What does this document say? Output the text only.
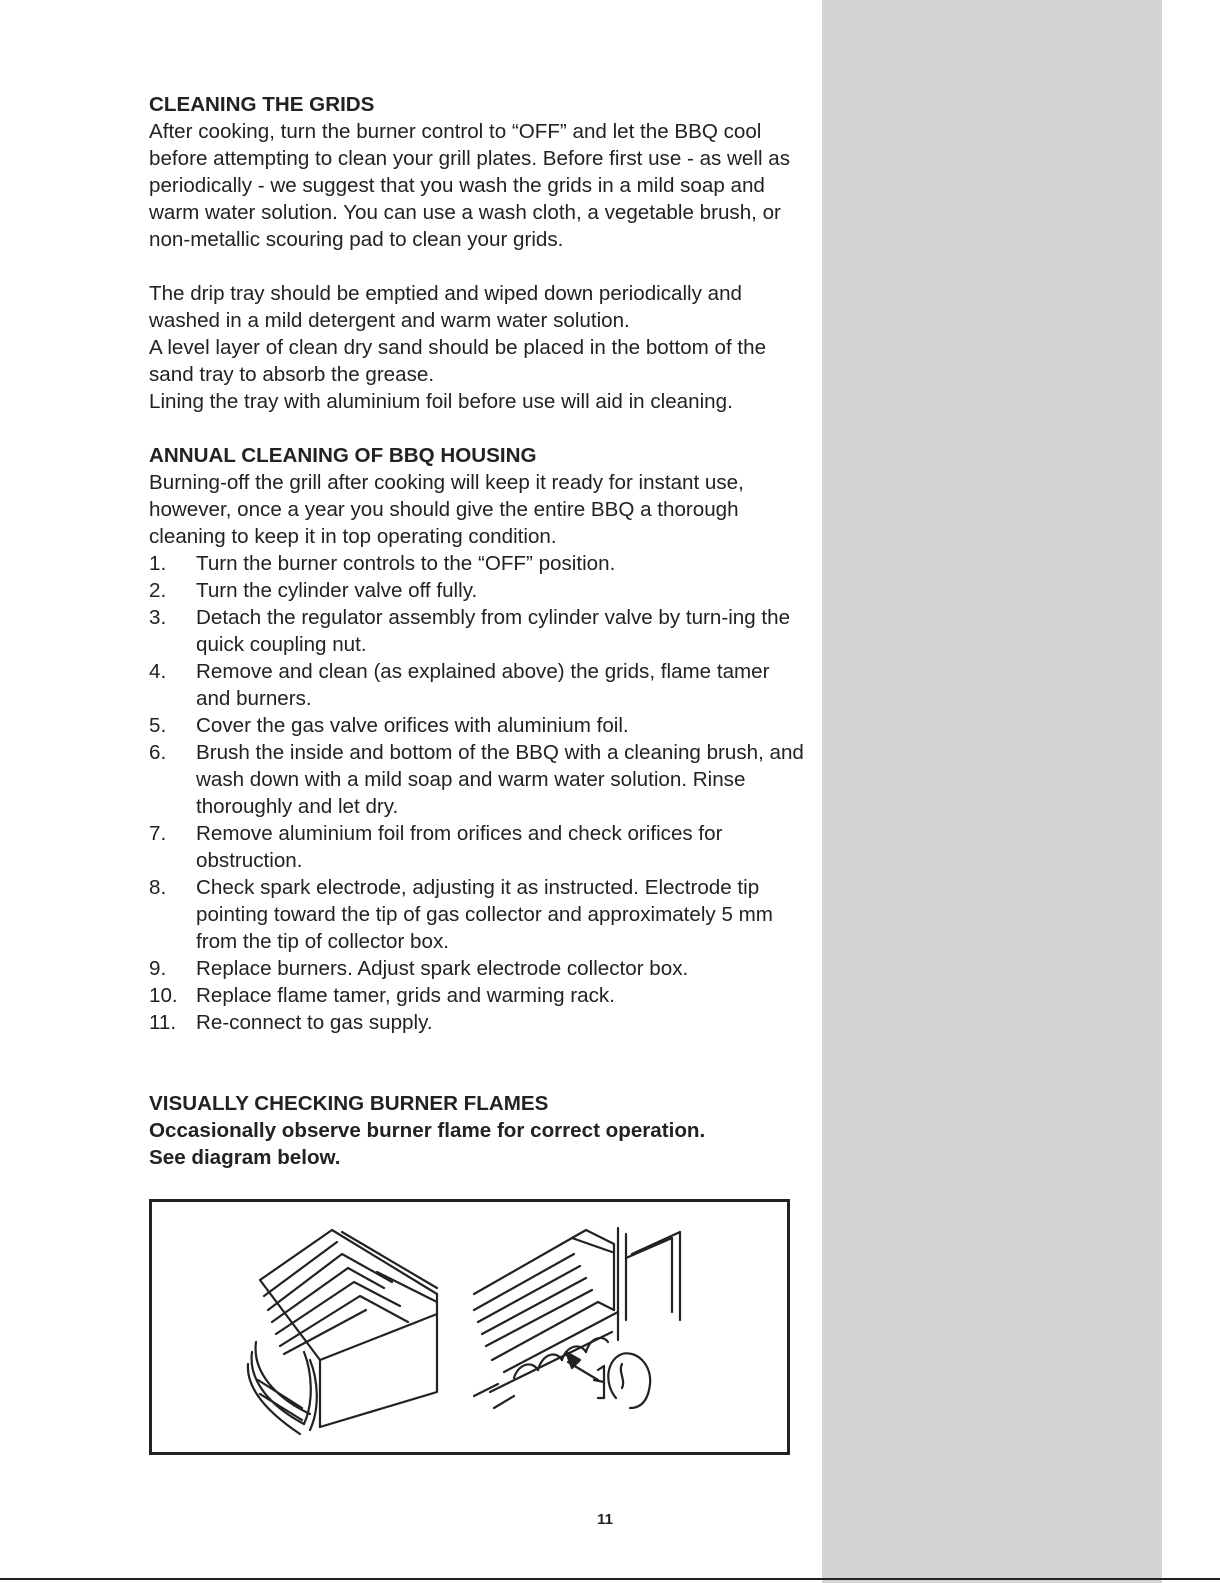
CLEANING THE GRIDS

After cooking, turn the burner control to “OFF” and let the BBQ cool before attempting to clean your grill plates. Before first use - as well as periodically - we suggest that you wash the grids in a mild soap and warm water solution. You can use a wash cloth, a vegetable brush, or non-metallic scouring pad to clean your grids.

The drip tray should be emptied and wiped down periodically and washed in a mild detergent and warm water solution.

A level layer of clean dry sand should be placed in the bottom of the sand tray to absorb the grease.

Lining the tray with aluminium foil before use will aid in cleaning.

ANNUAL CLEANING OF BBQ HOUSING

Burning-off the grill after cooking will keep it ready for instant use, however, once a year you should give the entire BBQ a thorough cleaning to keep it in top operating condition.

1. Turn the burner controls to the “OFF” position.
2. Turn the cylinder valve off fully.
3. Detach the regulator assembly from cylinder valve by turn-ing the quick coupling nut.
4. Remove and clean (as explained above) the grids, flame tamer and burners.
5. Cover the gas valve orifices with aluminium foil.
6. Brush the inside and bottom of the BBQ with a cleaning brush, and wash down with a mild soap and warm water solution. Rinse thoroughly and let dry.
7. Remove aluminium foil from orifices and check orifices for obstruction.
8. Check spark electrode, adjusting it as instructed. Electrode tip pointing toward the tip of gas collector and approximately 5 mm from the tip of collector box.
9. Replace burners. Adjust spark electrode collector box.
10. Replace flame tamer, grids and warming rack.
11. Re-connect to gas supply.
VISUALLY CHECKING BURNER FLAMES

Occasionally observe burner flame for correct operation.

See diagram below.

11
